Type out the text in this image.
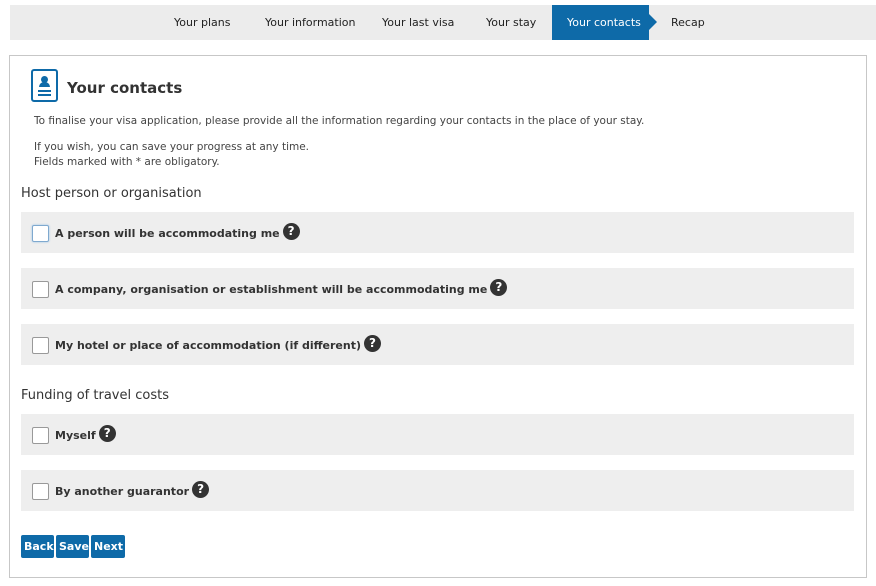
Your plans	Your information Your last visa	Your stay	Your contacts	Recap
Your contacts
To finalise your visa application, please provide all the information regarding your contacts in the place of your stay.
If you wish, you can save your progress at any time.
Fields marked with * are obligatory.
Host person or organisation
A person will be accommodating me ?
A company, organisation or establishment will be accommodating me ?
My hotel or place of accommodation (if different) ?
Funding of travel costs
Myself ?
By another guarantor ?
Back Save Next
